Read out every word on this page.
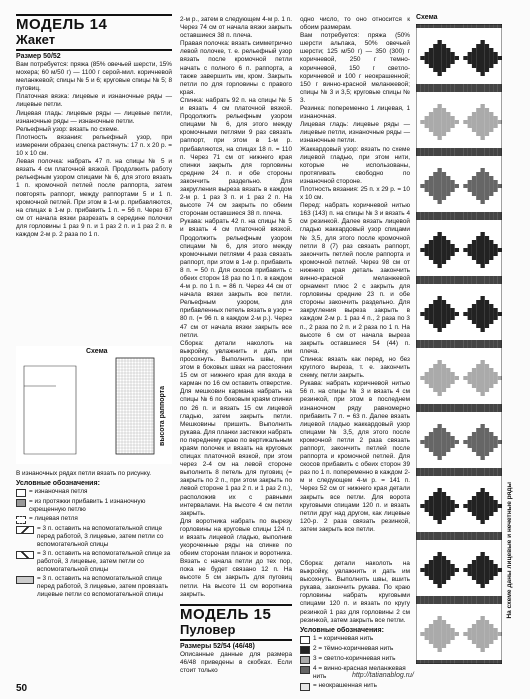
МОДЕЛЬ 14
Жакет
Размер 50/52

Вам потребуется: пряжа (85% овечьей шерсти, 15% мохера; 60 м/50 г) — 1100 г серой-мил. коричневой меланжевой; спицы № 5 и 6; круговые спицы № 5; 8 пуговиц.

Платочная вязка: лицевые и изнаночные ряды — лицевые петли.

Лицевая гладь: лицевые ряды — лицевые петли, изнаночные ряды — изнаночные петли.

Рельефный узор: вязать по схеме.

Плотность вязания: рельефный узор, при измерении образец слегка растянуть: 17 п. х 20 р. = 10 х 10 см.

Левая полочка: набрать 47 п. на спицы № 5 и вязать 4 см платочной вязкой. Продолжить работу рельефным узором спицами № 6, для этого вязать 1 п. кромочной петлей после раппорта, затем повторять раппорт, между раппортами 5 и 1 п. кромочной петлей. При этом в 1-м р. прибавляются, на спицах в 1-м р. прибавить 1 п. = 56 п. Через 67 см от начала вязки разрезать в середине полочки для горловины 1 раз 9 п. и 1 раз 2 п. и 1 раз 2 п. в каждом 2-м р. 2 раза по 1 п.

Схема
высота раппорта

В изнаночных рядах петли вязать по рисунку.

Условные обозначения:
= изнаночная петля
= из протяжки прибавить 1 изнаночную скрещенную петлю
= лицевая петля
= 3 п. оставить на вспомогательной спице перед работой, 3 лицевые, затем петли со вспомогательной спицы
= 3 п. оставить на вспомогательной спице за работой, 3 лицевые, затем петли со вспомогательной спицы
= 3 п. оставить на вспомогательной спице перед работой, 3 лицевые, затем провязать лицевые петли со вспомогательной спицы

2-м р., затем в следующем 4-м р. 1 п. Через 74 см от начала вязки закрыть оставшиеся 38 п. плеча.

Правая полочка: вязать симметрично левой полочке, т. е. рельефный узор вязать после кромочной петли начать с полного 6 п. раппорта, а также завершить им, кром. Закрыть петли по для горловины с правого края.

Спинка: набрать 92 п. на спицы № 5 и вязать 4 см платочной вязкой. Продолжить рельефным узором спицами № 6, для этого между кромочными петлями 9 раз связать раппорт, при этом в 1-м р. прибавляются, на спицах 18 п. = 110 п. Через 71 см от нижнего края спинки закрыть для горловины средние 24 п. и обе стороны закончить раздельно. Для закругления выреза вязать в каждом 2-м р. 1 раз 3 п. и 1 раз 2 п. На высоте 74 см закрыть по обеим сторонам оставшиеся 38 п. плеча.

Рукава: набрать 42 п. на спицы № 5 и вязать 4 см платочной вязкой. Продолжить рельефным узором спицами № 6, для этого между кромочными петлями 4 раза связать раппорт, при этом в 1-м р. прибавить 8 п. = 50 п. Для скосов прибавить с обеих сторон 18 раз по 1 п. в каждом 4-м р. по 1 п. = 86 п. Через 44 см от начала вязки закрыть все петли. Рельефным узором, для прибавленных петель вязать в узор = 80 п. (= 96 п. в каждом 2-м р.). Через 47 см от начала вязки закрыть все петли.

Сборка: детали наколоть на выкройку, увлажнить и дать им просохнуть. Выполнить швы, при этом в боковых швах на расстоянии 15 см от нижнего края для входа в карман по 16 см оставить отверстие. Для мешковин кармана набрать на спицы № 6 по боковым краям спинки по 26 п. и вязать 15 см лицевой гладью, затем закрыть петли. Мешковины пришить. Выполнить рукава. Для планки застежки набрать по переднему краю по вертикальным краям полочек и вязать на круговых спицах платочной вязкой, при этом через 2-4 см на левой стороне выполнить 8 петель для пуговиц (= закрыть по 2 п., при этом закрыть по левой стороне 1 раз 2 п. и 1 раз 2 п.), расположив их с равными интервалами. На высоте 4 см петли закрыть.

Для воротника набрать по вырезу горловины на круговые спицы 124 п. и вязать лицевой гладью, выполнив укороченные ряды на спинке по обеим сторонам планок и воротника. Вязать с начала петли до тех пор, пока не будет связано 12 п. На высоте 5 см закрыть для пуговиц петли. На высоте 11 см воротника закрыть.

МОДЕЛЬ 15
Пуловер
Размеры 52/54 (46/48)

Описанные данные для размера 46/48 приведены в скобках. Если стоит только

одно число, то оно относится к обоим размерам.

Вам потребуется: пряжа (50% шерсти альпака, 50% овечьей шерсти; 125 м/50 г) — 350 (300) г коричневой, 250 г темно-коричневой, 150 г светло-коричневой и 100 г неокрашенной; 150 г винно-красной меланжевой; спицы № 3 и 3,5; круговые спицы № 3.

Резинка: попеременно 1 лицевая, 1 изнаночная.

Лицевая гладь: лицевые ряды — лицевые петли, изнаночные ряды — изнаночные петли.

Жаккардовый узор: вязать по схеме лицевой гладью, при этом нити, которые не использованы, протягивать свободно по изнаночной стороне.

Плотность вязания: 25 п. х 29 р. = 10 х 10 см.

Перед: набрать коричневой нитью 163 (143) п. на спицы № 3 и вязать 4 см резинкой. Далее вязать лицевой гладью жаккардовый узор спицами № 3,5, для этого после кромочной петли 8 (7) раз связать раппорт, закончить петлей после раппорта и кромочной петлей. Через 98 см от нижнего края деталь закончить винно-красной меланжевой орнамент плюс 2 с закрыть для горловины средние 23 п. и обе стороны закончить раздельно. Для закругления выреза закрыть в каждом 2-м р. 1 раз 4 п., 2 раза по 3 п., 2 раза по 2 п. и 2 раза по 1 п. На высоте 6 см от начала выреза закрыть оставшиеся 54 (44) п. плеча.

Спинка: вязать как перед, но без круглого выреза, т. е. закончить схему, петли закрыть.

Рукава: набрать коричневой нитью 56 п. на спицы № 3 и вязать 4 см резинкой, при этом в последнем изнаночном ряду равномерно прибавить 7 п. = 63 п. Далее вязать лицевой гладью жаккардовый узор спицами № 3,5, для этого после кромочной петли 2 раза связать раппорт, закончить петлей после раппорта и кромочной петлей. Для скосов прибавить с обеих сторон 39 раз по 1 п. попеременно в каждом 2-м и следующем 4-м р. = 141 п. Через 52 см от нижнего края детали закрыть все петли. Для ворота круговыми спицами 120 п. и вязать петли друг над другом, как лицевые 120-р. 2 раза связать резинкой, затем закрыть все петли.

Схема
На схеме даны лицевые и нечетные ряды

Сборка: детали наколоть на выкройку, увлажнить и дать им высохнуть. Выполнить швы, вшить рукава, закончить рукава. По краю горловины набрать круговыми спицами 120 п. и вязать по кругу резинкой 1 раз для горловины 2 см резинкой, затем закрыть все петли.

Условные обозначения:
1 = коричневая нить
2 = тёмно-коричневая нить
3 = светло-коричневая нить
4 = винно-красная меланжевая нить
= неокрашенная нить
50
http://tatianablog.ru/
